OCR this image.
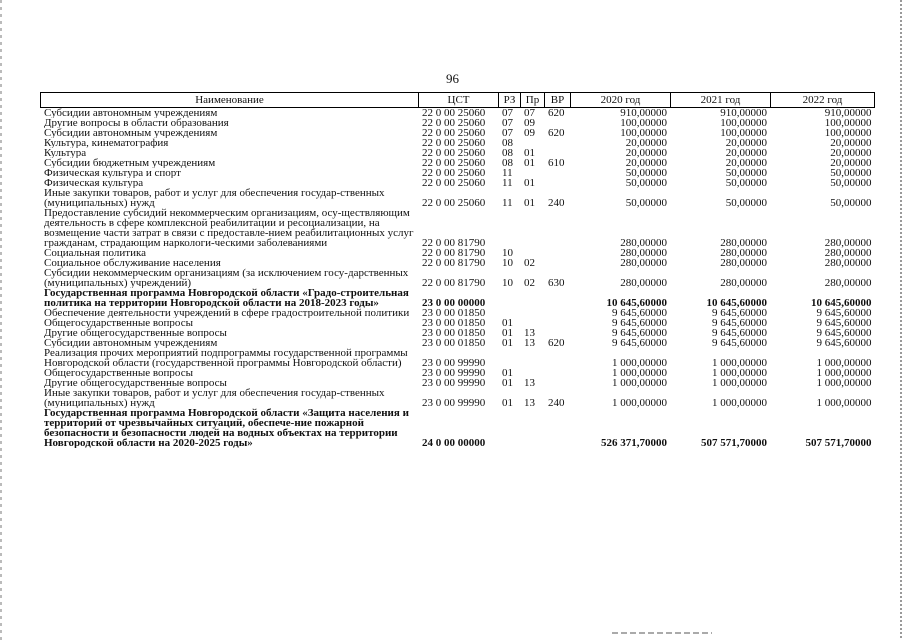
96
Наименование	ЦСТ	РЗ	Пр	ВР	2020 год	2021 год	2022 год
Субсидии автономным учреждениям	22 0 00 25060	07	07	620	910,00000	910,00000	910,00000
Другие вопросы в области образования	22 0 00 25060	07	09		100,00000	100,00000	100,00000
Субсидии автономным учреждениям	22 0 00 25060	07	09	620	100,00000	100,00000	100,00000
Культура, кинематография	22 0 00 25060	08			20,00000	20,00000	20,00000
Культура	22 0 00 25060	08	01		20,00000	20,00000	20,00000
Субсидии бюджетным учреждениям	22 0 00 25060	08	01	610	20,00000	20,00000	20,00000
Физическая культура и спорт	22 0 00 25060	11			50,00000	50,00000	50,00000
Физическая культура	22 0 00 25060	11	01		50,00000	50,00000	50,00000
Иные закупки товаров, работ и услуг для обеспечения государ-ственных (муниципальных) нужд	22 0 00 25060	11	01	240	50,00000	50,00000	50,00000
Предоставление субсидий некоммерческим организациям, осу-ществляющим деятельность в сфере комплексной реабилитации и ресоциализации, на возмещение части затрат в связи с предоставле-нием реабилитационных услуг гражданам, страдающим наркологи-ческими заболеваниями	22 0 00 81790				280,00000	280,00000	280,00000
Социальная политика	22 0 00 81790	10			280,00000	280,00000	280,00000
Социальное обслуживание населения	22 0 00 81790	10	02		280,00000	280,00000	280,00000
Субсидии некоммерческим организациям (за исключением госу-дарственных (муниципальных) учреждений)	22 0 00 81790	10	02	630	280,00000	280,00000	280,00000
Государственная программа Новгородской области «Градо-строительная политика на территории Новгородской области на 2018-2023 годы»	23 0 00 00000				10 645,60000	10 645,60000	10 645,60000
Обеспечение деятельности учреждений в сфере градостроительной политики	23 0 00 01850				9 645,60000	9 645,60000	9 645,60000
Общегосударственные вопросы	23 0 00 01850	01			9 645,60000	9 645,60000	9 645,60000
Другие общегосударственные вопросы	23 0 00 01850	01	13		9 645,60000	9 645,60000	9 645,60000
Субсидии автономным учреждениям	23 0 00 01850	01	13	620	9 645,60000	9 645,60000	9 645,60000
Реализация прочих мероприятий подпрограммы государственной программы Новгородской области (государственной программы Новгородской области)	23 0 00 99990				1 000,00000	1 000,00000	1 000,00000
Общегосударственные вопросы	23 0 00 99990	01			1 000,00000	1 000,00000	1 000,00000
Другие общегосударственные вопросы	23 0 00 99990	01	13		1 000,00000	1 000,00000	1 000,00000
Иные закупки товаров, работ и услуг для обеспечения государ-ственных (муниципальных) нужд	23 0 00 99990	01	13	240	1 000,00000	1 000,00000	1 000,00000
Государственная программа Новгородской области «Защита населения и территорий от чрезвычайных ситуаций, обеспече-ние пожарной безопасности и безопасности людей на водных объектах на территории Новгородской области на 2020-2025 годы»	24 0 00 00000				526 371,70000	507 571,70000	507 571,70000
